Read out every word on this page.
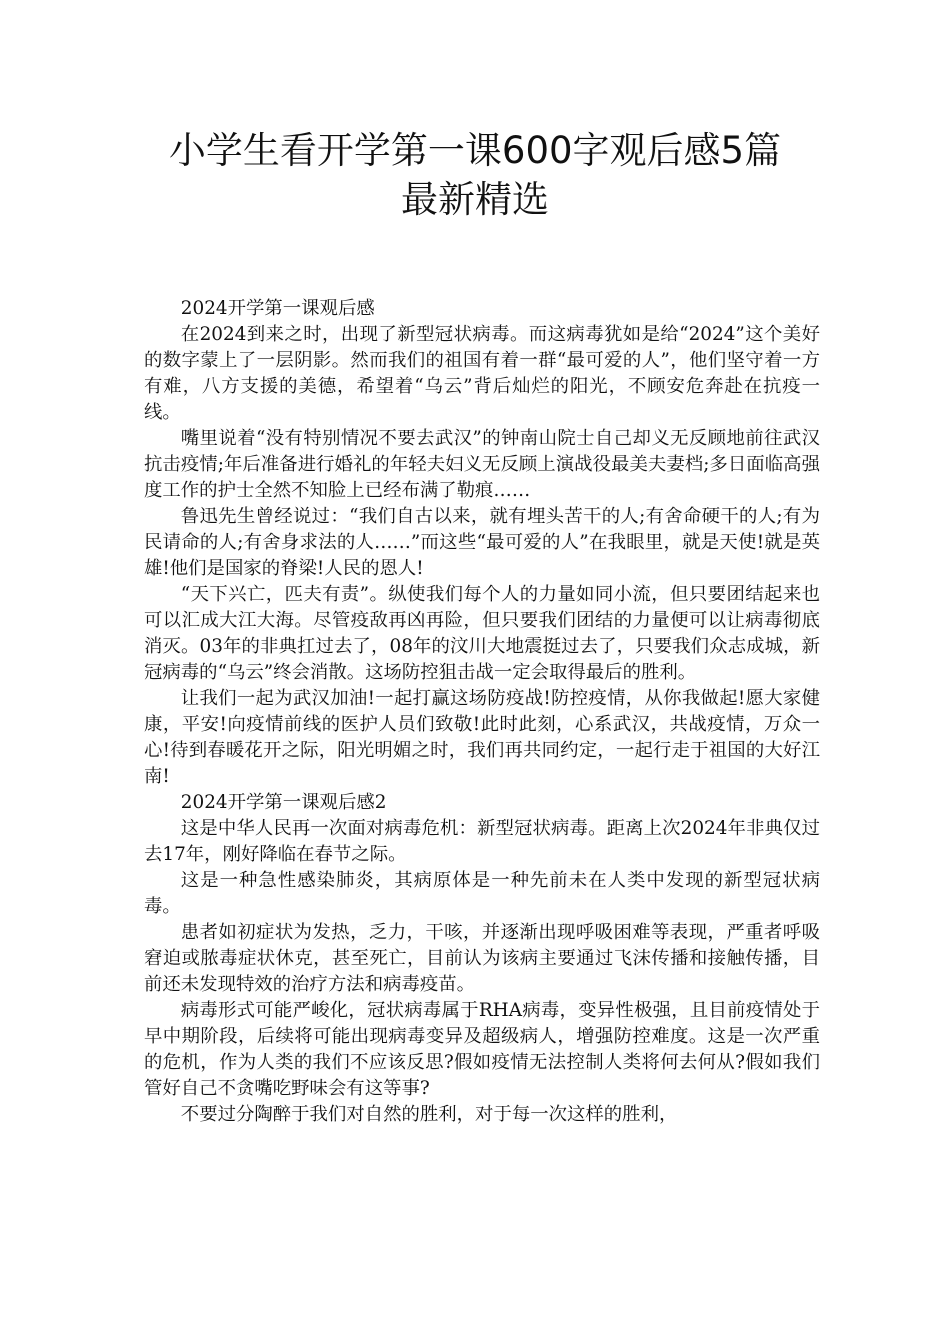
小学生看开学第一课600字观后感5篇
最新精选

2024开学第一课观后感

在2024到来之时，出现了新型冠状病毒。而这病毒犹如是给“2024”这个美好的数字蒙上了一层阴影。然而我们的祖国有着一群“最可爱的人”，他们坚守着一方有难，八方支援的美德，希望着“乌云”背后灿烂的阳光，不顾安危奔赴在抗疫一线。

嘴里说着“没有特别情况不要去武汉”的钟南山院士自己却义无反顾地前往武汉抗击疫情;年后准备进行婚礼的年轻夫妇义无反顾上演战役最美夫妻档;多日面临高强度工作的护士全然不知脸上已经布满了勒痕……

鲁迅先生曾经说过：“我们自古以来，就有埋头苦干的人;有舍命硬干的人;有为民请命的人;有舍身求法的人……”而这些“最可爱的人”在我眼里，就是天使!就是英雄!他们是国家的脊梁!人民的恩人!

“天下兴亡，匹夫有责”。纵使我们每个人的力量如同小流，但只要团结起来也可以汇成大江大海。尽管疫敌再凶再险，但只要我们团结的力量便可以让病毒彻底消灭。03年的非典扛过去了，08年的汶川大地震挺过去了，只要我们众志成城，新冠病毒的“乌云”终会消散。这场防控狙击战一定会取得最后的胜利。

让我们一起为武汉加油!一起打赢这场防疫战!防控疫情，从你我做起!愿大家健康，平安!向疫情前线的医护人员们致敬!此时此刻，心系武汉，共战疫情，万众一心!待到春暖花开之际，阳光明媚之时，我们再共同约定，一起行走于祖国的大好江南!

2024开学第一课观后感2

这是中华人民再一次面对病毒危机：新型冠状病毒。距离上次2024年非典仅过去17年，刚好降临在春节之际。

这是一种急性感染肺炎，其病原体是一种先前未在人类中发现的新型冠状病毒。

患者如初症状为发热，乏力，干咳，并逐渐出现呼吸困难等表现，严重者呼吸窘迫或脓毒症状休克，甚至死亡，目前认为该病主要通过飞沫传播和接触传播，目前还未发现特效的治疗方法和病毒疫苗。

病毒形式可能严峻化，冠状病毒属于RHA病毒，变异性极强，且目前疫情处于早中期阶段，后续将可能出现病毒变异及超级病人，增强防控难度。这是一次严重的危机，作为人类的我们不应该反思?假如疫情无法控制人类将何去何从?假如我们管好自己不贪嘴吃野味会有这等事?

不要过分陶醉于我们对自然的胜利，对于每一次这样的胜利，
